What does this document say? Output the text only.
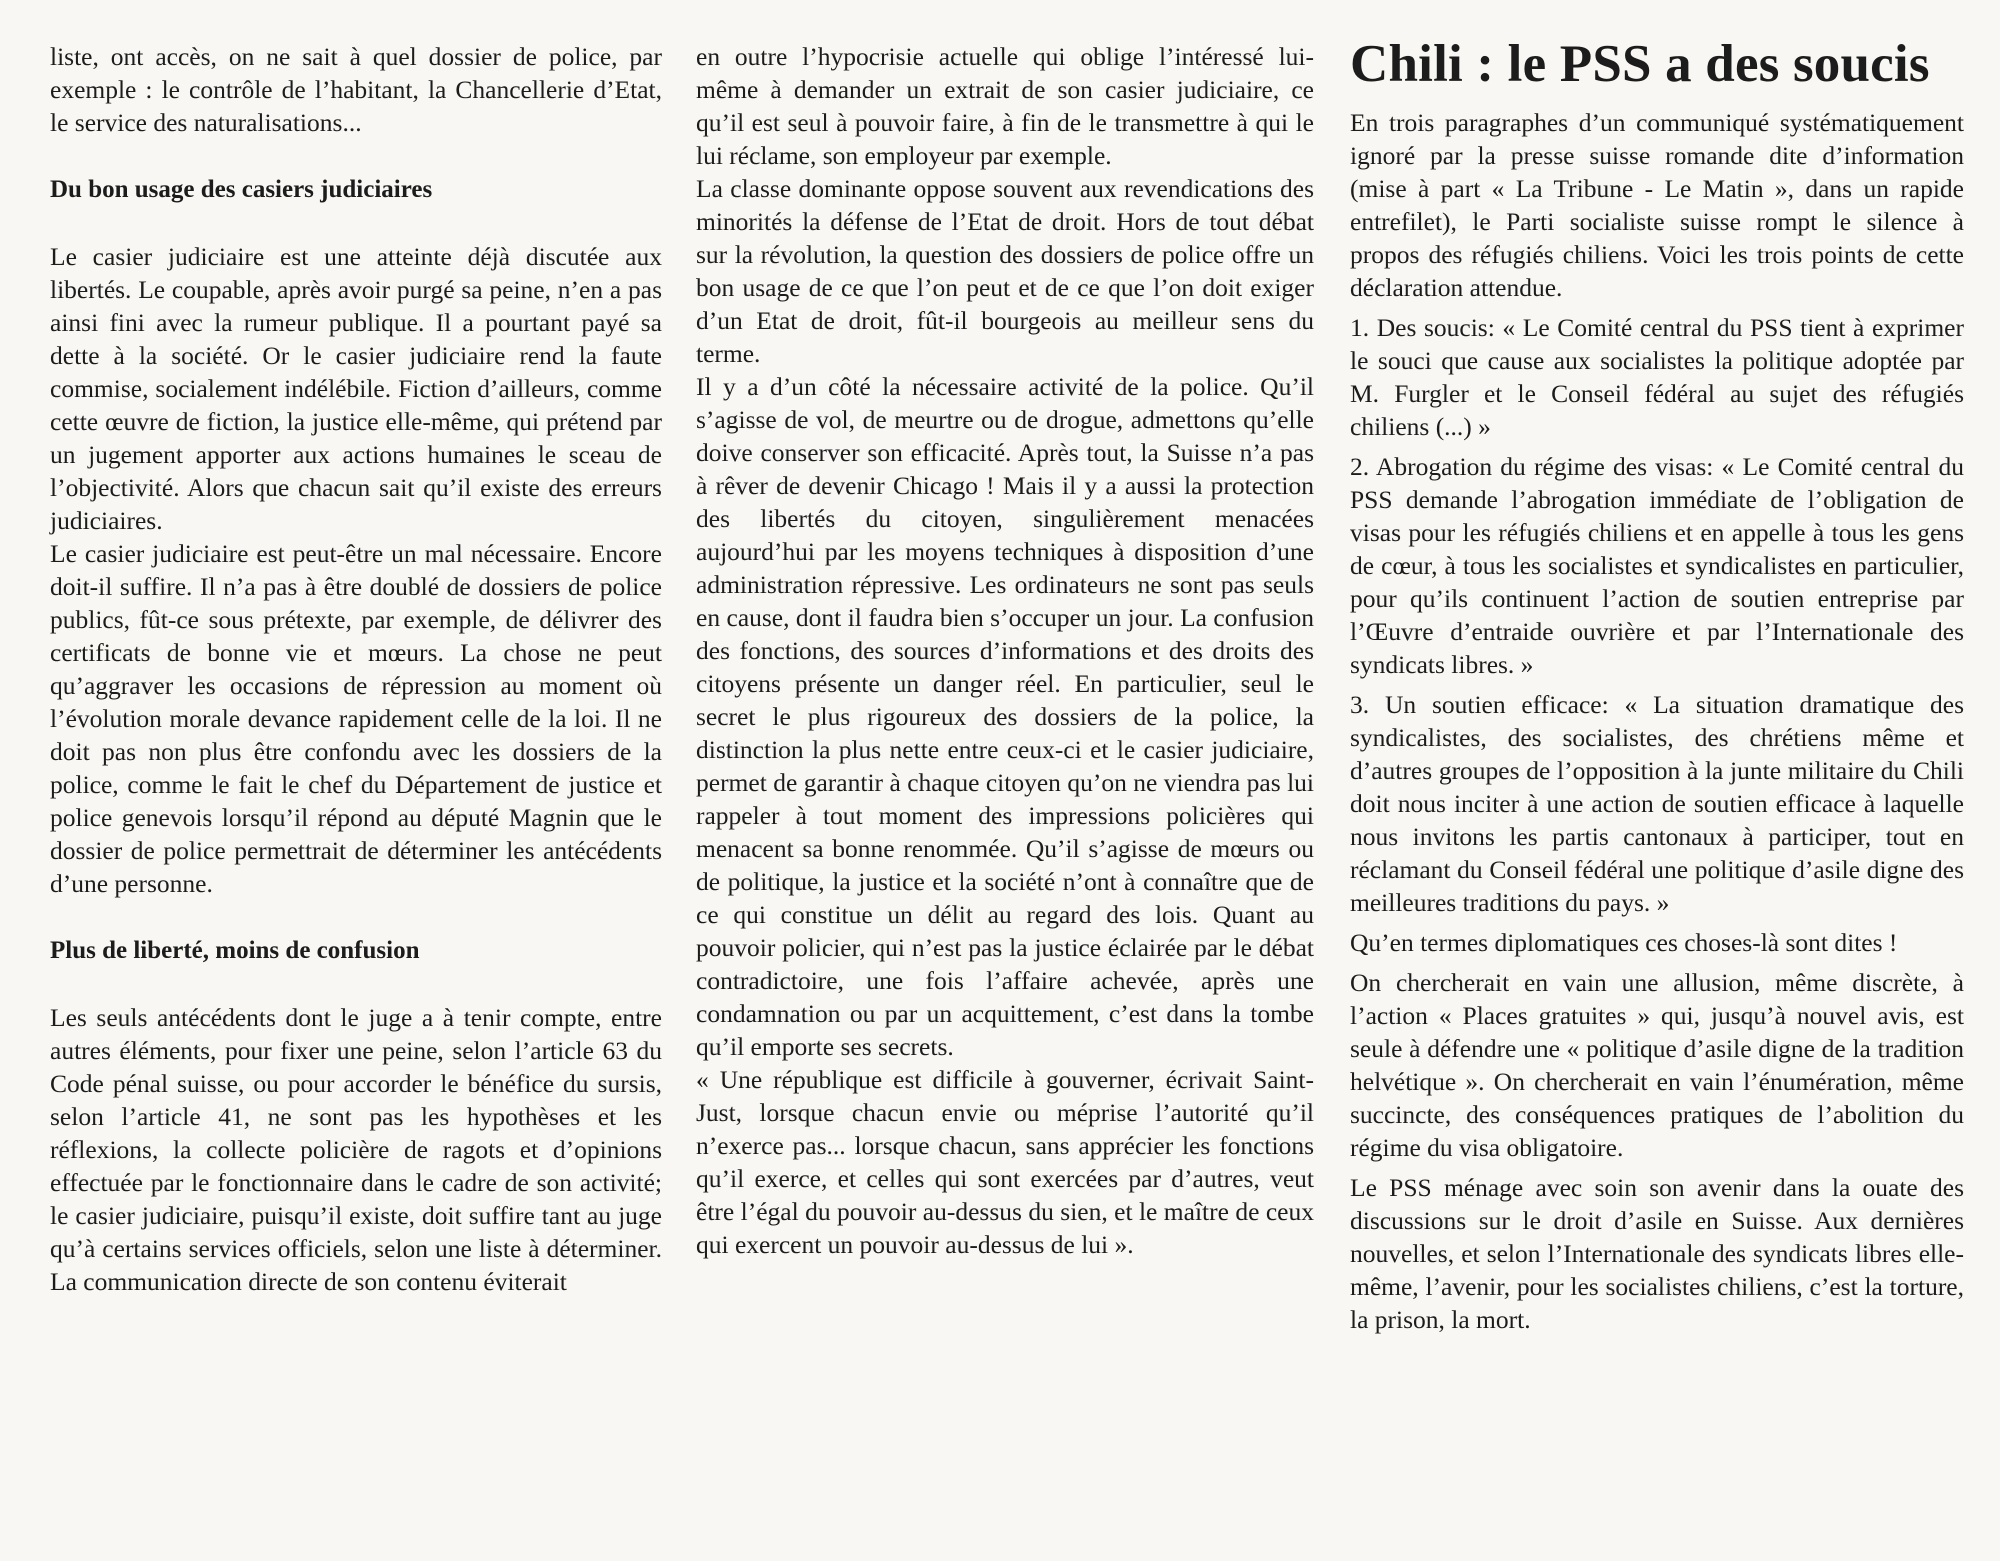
liste, ont accès, on ne sait à quel dossier de police, par exemple : le contrôle de l’habitant, la Chancellerie d’Etat, le service des naturalisations...

Du bon usage des casiers judiciaires

Le casier judiciaire est une atteinte déjà discutée aux libertés. Le coupable, après avoir purgé sa peine, n’en a pas ainsi fini avec la rumeur publique. Il a pourtant payé sa dette à la société. Or le casier judiciaire rend la faute commise, socialement indélébile. Fiction d’ailleurs, comme cette œuvre de fiction, la justice elle-même, qui prétend par un jugement apporter aux actions humaines le sceau de l’objectivité. Alors que chacun sait qu’il existe des erreurs judiciaires.

Le casier judiciaire est peut-être un mal nécessaire. Encore doit-il suffire. Il n’a pas à être doublé de dossiers de police publics, fût-ce sous prétexte, par exemple, de délivrer des certificats de bonne vie et mœurs. La chose ne peut qu’aggraver les occasions de répression au moment où l’évolution morale devance rapidement celle de la loi. Il ne doit pas non plus être confondu avec les dossiers de la police, comme le fait le chef du Département de justice et police genevois lorsqu’il répond au député Magnin que le dossier de police permettrait de déterminer les antécédents d’une personne.

Plus de liberté, moins de confusion

Les seuls antécédents dont le juge a à tenir compte, entre autres éléments, pour fixer une peine, selon l’article 63 du Code pénal suisse, ou pour accorder le bénéfice du sursis, selon l’article 41, ne sont pas les hypothèses et les réflexions, la collecte policière de ragots et d’opinions effectuée par le fonctionnaire dans le cadre de son activité; le casier judiciaire, puisqu’il existe, doit suffire tant au juge qu’à certains services officiels, selon une liste à déterminer. La communication directe de son contenu éviterait

en outre l’hypocrisie actuelle qui oblige l’intéressé lui-même à demander un extrait de son casier judiciaire, ce qu’il est seul à pouvoir faire, à fin de le transmettre à qui le lui réclame, son employeur par exemple.

La classe dominante oppose souvent aux revendications des minorités la défense de l’Etat de droit. Hors de tout débat sur la révolution, la question des dossiers de police offre un bon usage de ce que l’on peut et de ce que l’on doit exiger d’un Etat de droit, fût-il bourgeois au meilleur sens du terme.

Il y a d’un côté la nécessaire activité de la police. Qu’il s’agisse de vol, de meurtre ou de drogue, admettons qu’elle doive conserver son efficacité. Après tout, la Suisse n’a pas à rêver de devenir Chicago ! Mais il y a aussi la protection des libertés du citoyen, singulièrement menacées aujourd’hui par les moyens techniques à disposition d’une administration répressive. Les ordinateurs ne sont pas seuls en cause, dont il faudra bien s’occuper un jour. La confusion des fonctions, des sources d’informations et des droits des citoyens présente un danger réel. En particulier, seul le secret le plus rigoureux des dossiers de la police, la distinction la plus nette entre ceux-ci et le casier judiciaire, permet de garantir à chaque citoyen qu’on ne viendra pas lui rappeler à tout moment des impressions policières qui menacent sa bonne renommée. Qu’il s’agisse de mœurs ou de politique, la justice et la société n’ont à connaître que de ce qui constitue un délit au regard des lois. Quant au pouvoir policier, qui n’est pas la justice éclairée par le débat contradictoire, une fois l’affaire achevée, après une condamnation ou par un acquittement, c’est dans la tombe qu’il emporte ses secrets.

« Une république est difficile à gouverner, écrivait Saint-Just, lorsque chacun envie ou méprise l’autorité qu’il n’exerce pas... lorsque chacun, sans apprécier les fonctions qu’il exerce, et celles qui sont exercées par d’autres, veut être l’égal du pouvoir au-dessus du sien, et le maître de ceux qui exercent un pouvoir au-dessus de lui ».

Chili : le PSS a des soucis

En trois paragraphes d’un communiqué systématiquement ignoré par la presse suisse romande dite d’information (mise à part « La Tribune - Le Matin », dans un rapide entrefilet), le Parti socialiste suisse rompt le silence à propos des réfugiés chiliens. Voici les trois points de cette déclaration attendue.

1. Des soucis: « Le Comité central du PSS tient à exprimer le souci que cause aux socialistes la politique adoptée par M. Furgler et le Conseil fédéral au sujet des réfugiés chiliens (...) »

2. Abrogation du régime des visas: « Le Comité central du PSS demande l’abrogation immédiate de l’obligation de visas pour les réfugiés chiliens et en appelle à tous les gens de cœur, à tous les socialistes et syndicalistes en particulier, pour qu’ils continuent l’action de soutien entreprise par l’Œuvre d’entraide ouvrière et par l’Internationale des syndicats libres. »

3. Un soutien efficace: « La situation dramatique des syndicalistes, des socialistes, des chrétiens même et d’autres groupes de l’opposition à la junte militaire du Chili doit nous inciter à une action de soutien efficace à laquelle nous invitons les partis cantonaux à participer, tout en réclamant du Conseil fédéral une politique d’asile digne des meilleures traditions du pays. »

Qu’en termes diplomatiques ces choses-là sont dites !

On chercherait en vain une allusion, même discrète, à l’action « Places gratuites » qui, jusqu’à nouvel avis, est seule à défendre une « politique d’asile digne de la tradition helvétique ». On chercherait en vain l’énumération, même succincte, des conséquences pratiques de l’abolition du régime du visa obligatoire.

Le PSS ménage avec soin son avenir dans la ouate des discussions sur le droit d’asile en Suisse. Aux dernières nouvelles, et selon l’Internationale des syndicats libres elle-même, l’avenir, pour les socialistes chiliens, c’est la torture, la prison, la mort.
